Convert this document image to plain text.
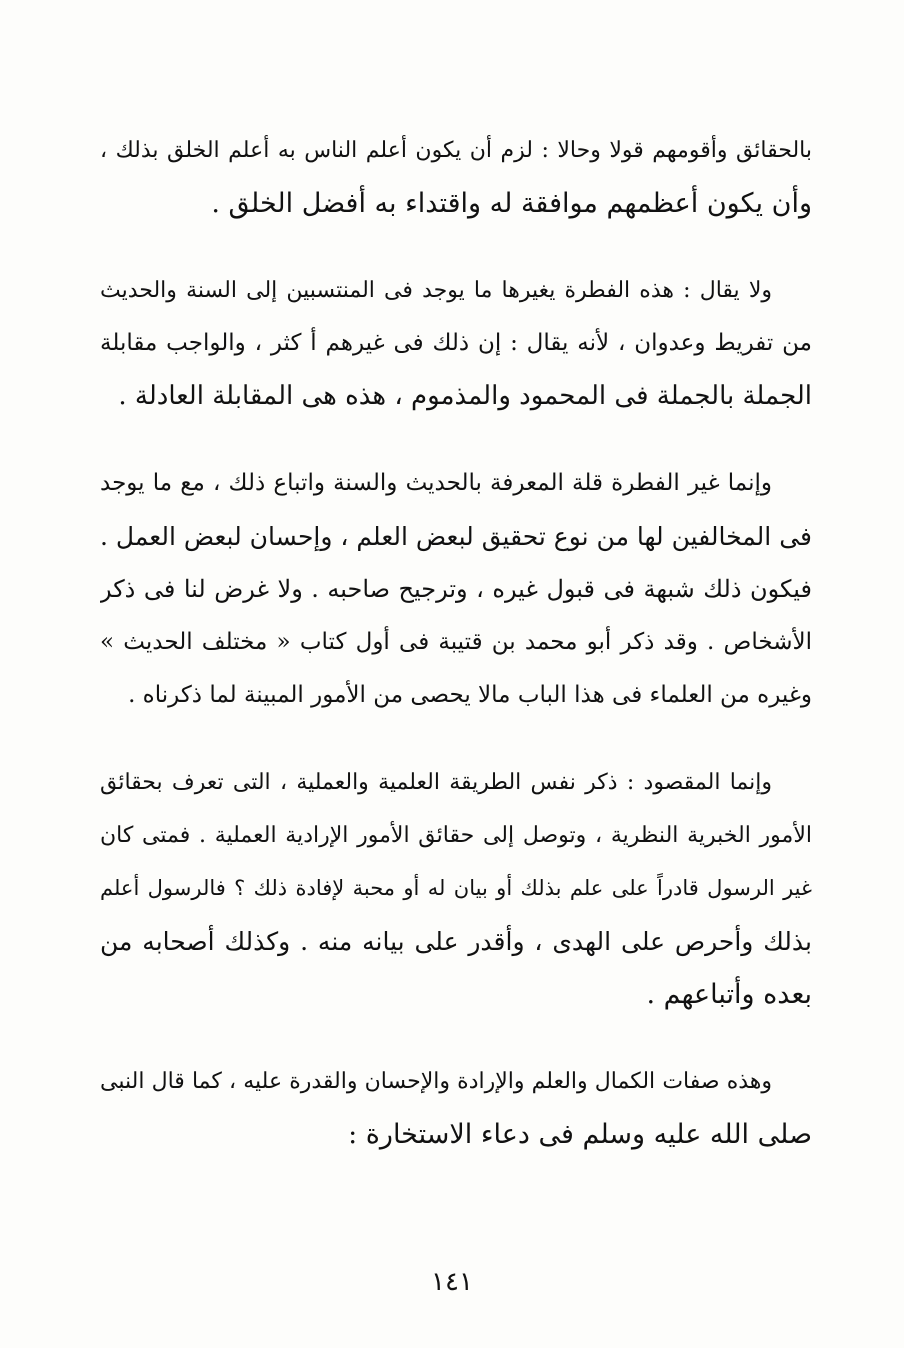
بالحقائق وأقومهم قولا وحالا : لزم أن يكون أعلم الناس به أعلم الخلق بذلك ،
وأن يكون أعظمهم موافقة له واقتداء به أفضل الخلق .
ولا يقال : هذه الفطرة يغيرها ما يوجد فى المنتسبين إلى السنة والحديث
من تفريط وعدوان ، لأنه يقال : إن ذلك فى غيرهم أ كثر ، والواجب مقابلة
الجملة بالجملة فى المحمود والمذموم ، هذه هى المقابلة العادلة .
وإنما غير الفطرة قلة المعرفة بالحديث والسنة واتباع ذلك ، مع ما يوجد
فى المخالفين لها من نوع تحقيق لبعض العلم ، وإحسان لبعض العمل .
فيكون ذلك شبهة فى قبول غيره ، وترجيح صاحبه . ولا غرض لنا فى ذكر
الأشخاص . وقد ذكر أبو محمد بن قتيبة فى أول كتاب « مختلف الحديث »
وغيره من العلماء فى هذا الباب مالا يحصى من الأمور المبينة لما ذكرناه .
وإنما المقصود : ذكر نفس الطريقة العلمية والعملية ، التى تعرف بحقائق
الأمور الخبرية النظرية ، وتوصل إلى حقائق الأمور الإرادية العملية . فمتى كان
غير الرسول قادراً على علم بذلك أو بيان له أو محبة لإفادة ذلك ؟ فالرسول أعلم
بذلك وأحرص على الهدى ، وأقدر على بيانه منه . وكذلك أصحابه من
بعده وأتباعهم .
وهذه صفات الكمال والعلم والإرادة والإحسان والقدرة عليه ، كما قال النبى
صلى الله عليه وسلم فى دعاء الاستخارة :
١٤١
